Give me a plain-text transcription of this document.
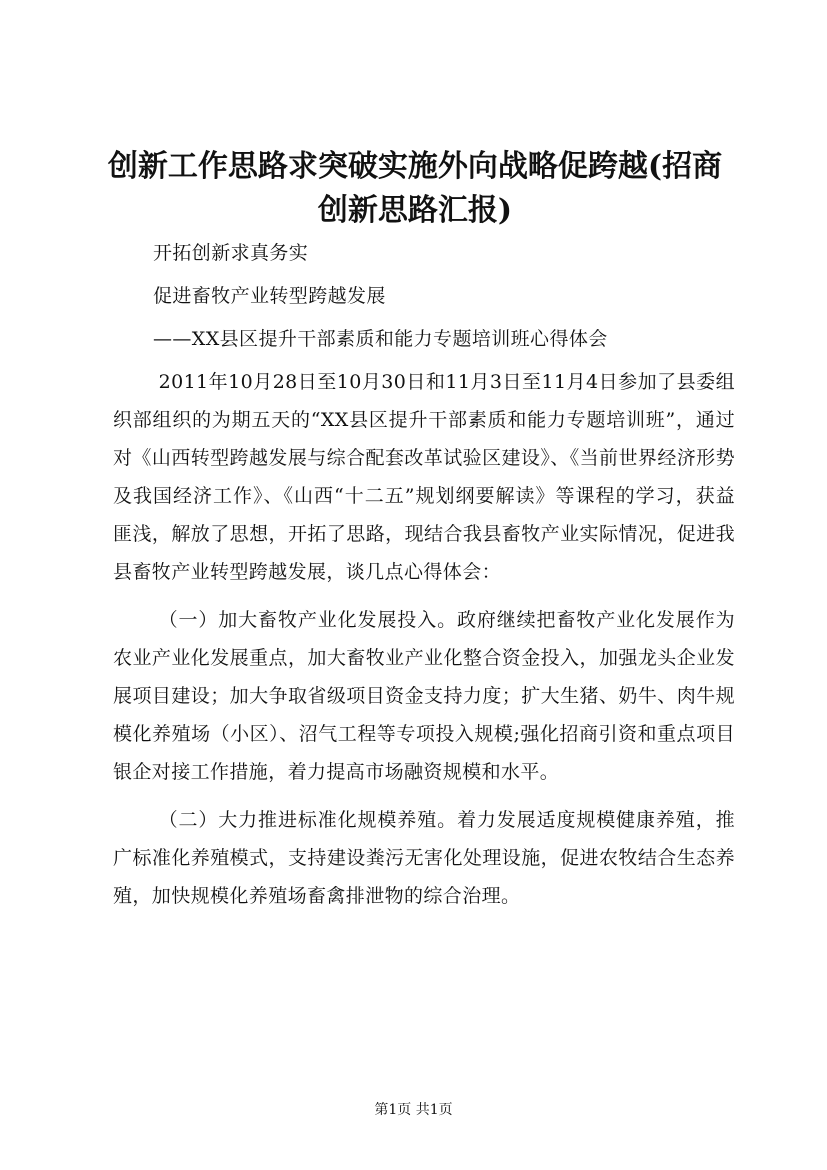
创新工作思路求突破实施外向战略促跨越(招商创新思路汇报)
开拓创新求真务实
促进畜牧产业转型跨越发展
——XX县区提升干部素质和能力专题培训班心得体会
2011年10月28日至10月30日和11月3日至11月4日参加了县委组织部组织的为期五天的“XX县区提升干部素质和能力专题培训班”，通过对《山西转型跨越发展与综合配套改革试验区建设》、《当前世界经济形势及我国经济工作》、《山西“十二五”规划纲要解读》等课程的学习，获益匪浅，解放了思想，开拓了思路，现结合我县畜牧产业实际情况，促进我县畜牧产业转型跨越发展，谈几点心得体会：
（一）加大畜牧产业化发展投入。政府继续把畜牧产业化发展作为农业产业化发展重点，加大畜牧业产业化整合资金投入，加强龙头企业发展项目建设；加大争取省级项目资金支持力度；扩大生猪、奶牛、肉牛规模化养殖场（小区）、沼气工程等专项投入规模;强化招商引资和重点项目银企对接工作措施，着力提高市场融资规模和水平。
（二）大力推进标准化规模养殖。着力发展适度规模健康养殖，推广标准化养殖模式，支持建设粪污无害化处理设施，促进农牧结合生态养殖，加快规模化养殖场畜禽排泄物的综合治理。
第1页 共1页
